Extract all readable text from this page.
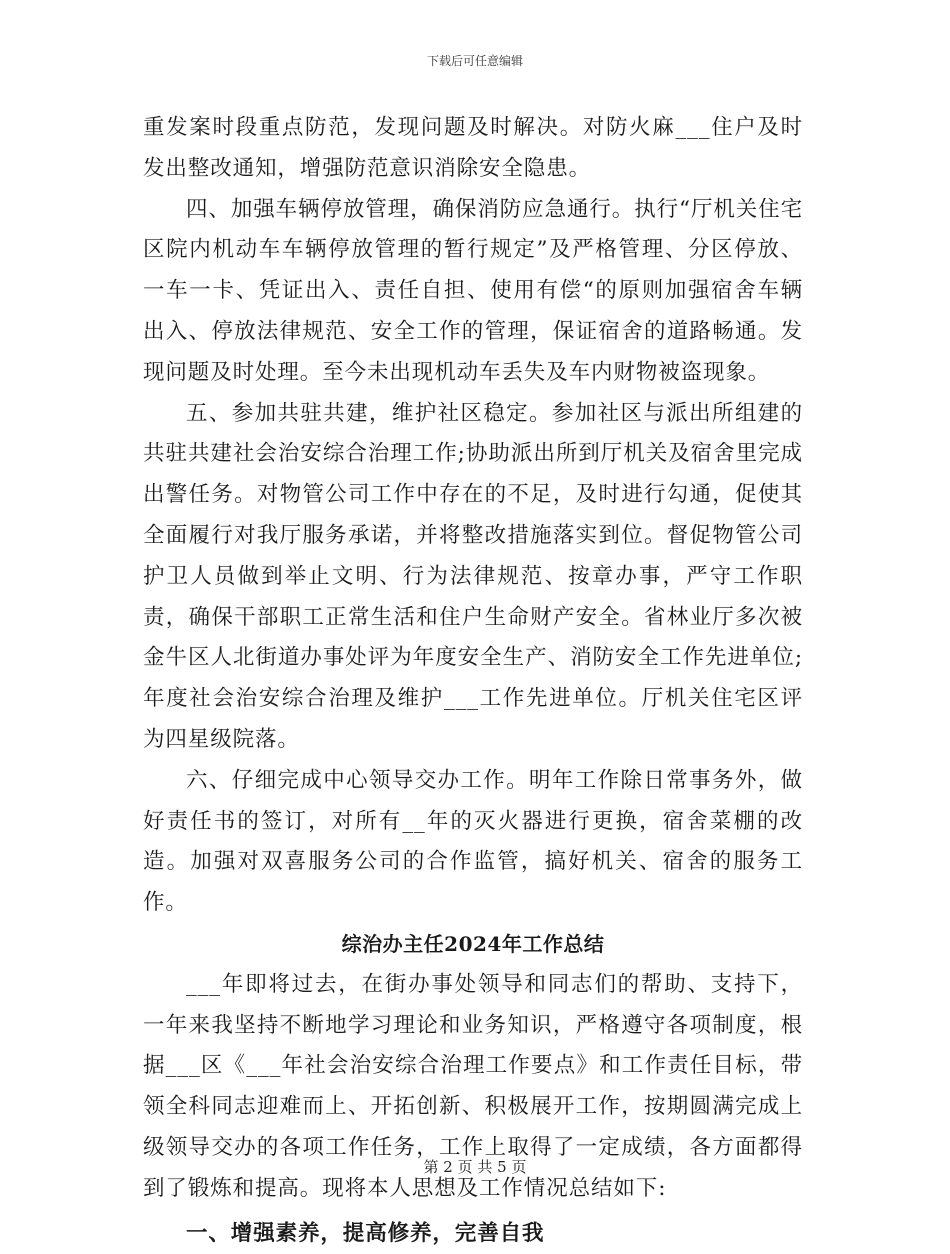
下载后可任意编辑

重发案时段重点防范，发现问题及时解决。对防火麻___住户及时发出整改通知，增强防范意识消除安全隐患。

四、加强车辆停放管理，确保消防应急通行。执行“厅机关住宅区院内机动车车辆停放管理的暂行规定”及严格管理、分区停放、一车一卡、凭证出入、责任自担、使用有偿“的原则加强宿舍车辆出入、停放法律规范、安全工作的管理，保证宿舍的道路畅通。发现问题及时处理。至今未出现机动车丢失及车内财物被盗现象。

五、参加共驻共建，维护社区稳定。参加社区与派出所组建的共驻共建社会治安综合治理工作;协助派出所到厅机关及宿舍里完成出警任务。对物管公司工作中存在的不足，及时进行勾通，促使其全面履行对我厅服务承诺，并将整改措施落实到位。督促物管公司护卫人员做到举止文明、行为法律规范、按章办事，严守工作职责，确保干部职工正常生活和住户生命财产安全。省林业厅多次被金牛区人北街道办事处评为年度安全生产、消防安全工作先进单位;年度社会治安综合治理及维护___工作先进单位。厅机关住宅区评为四星级院落。

六、仔细完成中心领导交办工作。明年工作除日常事务外，做好责任书的签订，对所有__年的灭火器进行更换，宿舍菜棚的改造。加强对双喜服务公司的合作监管，搞好机关、宿舍的服务工作。

综治办主任2024年工作总结

___年即将过去，在街办事处领导和同志们的帮助、支持下，一年来我坚持不断地学习理论和业务知识，严格遵守各项制度，根据___区《___年社会治安综合治理工作要点》和工作责任目标，带领全科同志迎难而上、开拓创新、积极展开工作，按期圆满完成上级领导交办的各项工作任务，工作上取得了一定成绩，各方面都得到了锻炼和提高。现将本人思想及工作情况总结如下:

一、增强素养，提高修养，完善自我
第 2 页 共 5 页
